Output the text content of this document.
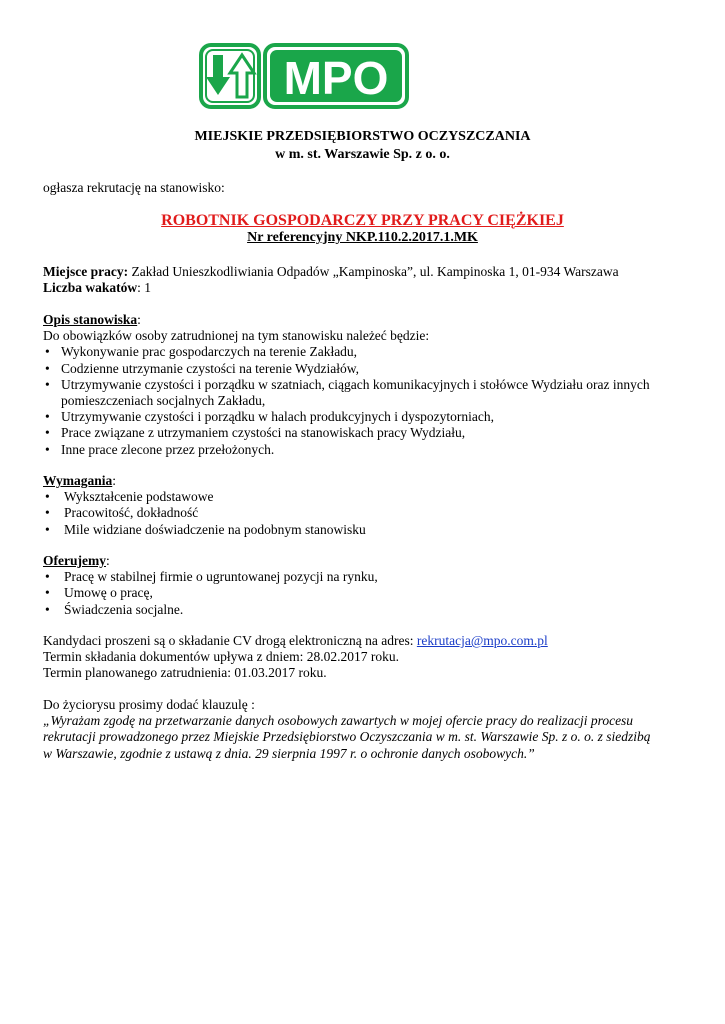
MPO
MIEJSKIE PRZEDSIĘBIORSTWO OCZYSZCZANIA
w m. st. Warszawie Sp. z o. o.
ogłasza rekrutację na stanowisko:
ROBOTNIK GOSPODARCZY PRZY PRACY CIĘŻKIEJ
Nr referencyjny NKP.110.2.2017.1.MK
Miejsce pracy: Zakład Unieszkodliwiania Odpadów „Kampinoska”, ul. Kampinoska 1, 01-934 Warszawa
Liczba wakatów: 1
Opis stanowiska:
Do obowiązków osoby zatrudnionej na tym stanowisku należeć będzie:
• Wykonywanie prac gospodarczych na terenie Zakładu,
• Codzienne utrzymanie czystości na terenie Wydziałów,
• Utrzymywanie czystości i porządku w szatniach, ciągach komunikacyjnych i stołówce Wydziału oraz innych pomieszczeniach socjalnych Zakładu,
• Utrzymywanie czystości i porządku w halach produkcyjnych i dyspozytorniach,
• Prace związane z utrzymaniem czystości na stanowiskach pracy Wydziału,
• Inne prace zlecone przez przełożonych.
Wymagania:
• Wykształcenie podstawowe
• Pracowitość, dokładność
• Mile widziane doświadczenie na podobnym stanowisku
Oferujemy:
• Pracę w stabilnej firmie o ugruntowanej pozycji na rynku,
• Umowę o pracę,
• Świadczenia socjalne.
Kandydaci proszeni są o składanie CV drogą elektroniczną na adres: rekrutacja@mpo.com.pl
Termin składania dokumentów upływa z dniem: 28.02.2017 roku.
Termin planowanego zatrudnienia: 01.03.2017 roku.
Do życiorysu prosimy dodać klauzulę :
„Wyrażam zgodę na przetwarzanie danych osobowych zawartych w mojej ofercie pracy do realizacji procesu
rekrutacji prowadzonego przez Miejskie Przedsiębiorstwo Oczyszczania w m. st. Warszawie Sp. z o. o. z siedzibą
w Warszawie, zgodnie z ustawą z dnia. 29 sierpnia 1997 r. o ochronie danych osobowych.”
